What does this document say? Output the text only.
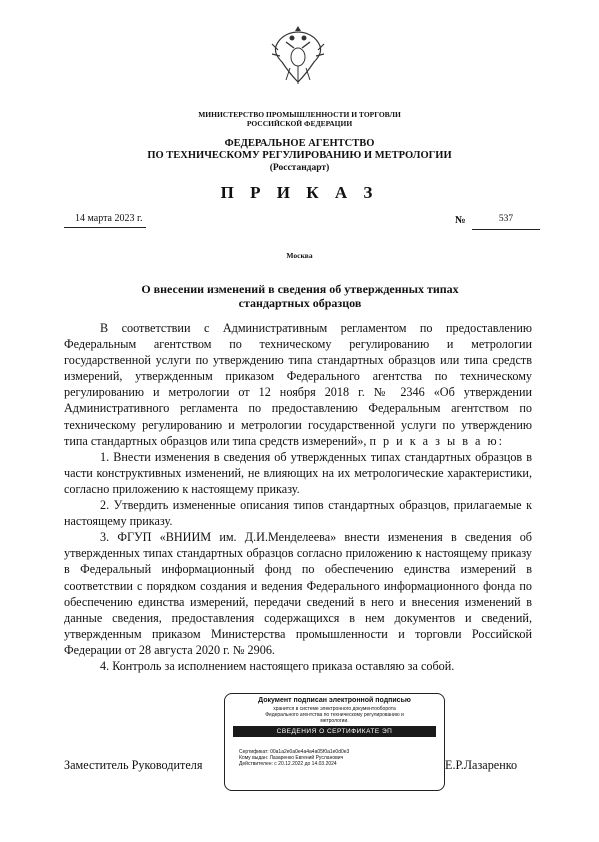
МИНИСТЕРСТВО ПРОМЫШЛЕННОСТИ И ТОРГОВЛИ
РОССИЙСКОЙ ФЕДЕРАЦИИ
ФЕДЕРАЛЬНОЕ АГЕНТСТВО
ПО ТЕХНИЧЕСКОМУ РЕГУЛИРОВАНИЮ И МЕТРОЛОГИИ
(Росстандарт)
П Р И К А З
14 марта 2023 г.	№	537
Москва
О внесении изменений в сведения об утвержденных типах
стандартных образцов

В соответствии с Административным регламентом по предоставлению Федеральным агентством по техническому регулированию и метрологии государственной услуги по утверждению типа стандартных образцов или типа средств измерений, утвержденным приказом Федерального агентства по техническому регулированию и метрологии от 12 ноября 2018 г. № 2346 «Об утверждении Административного регламента по предоставлению Федеральным агентством по техническому регулированию и метрологии государственной услуги по утверждению типа стандартных образцов или типа средств измерений», п р и к а з ы в а ю:

1. Внести изменения в сведения об утвержденных типах стандартных образцов в части конструктивных изменений, не влияющих на их метрологические характеристики, согласно приложению к настоящему приказу.

2. Утвердить измененные описания типов стандартных образцов, прилагаемые к настоящему приказу.

3. ФГУП «ВНИИМ им. Д.И.Менделеева» внести изменения в сведения об утвержденных типах стандартных образцов согласно приложению к настоящему приказу в Федеральный информационный фонд по обеспечению единства измерений в соответствии с порядком создания и ведения Федерального информационного фонда по обеспечению единства измерений, передачи сведений в него и внесения изменений в данные сведения, предоставления содержащихся в нем документов и сведений, утвержденным приказом Министерства промышленности и торговли Российской Федерации от 28 августа 2020 г. № 2906.

4. Контроль за исполнением настоящего приказа оставляю за собой.

Заместитель Руководителя	Е.Р.Лазаренко
Документ подписан электронной подписью
хранится в системе электронного документооборота
Федерального агентства по техническому регулированию и
метрологии.
СВЕДЕНИЯ О СЕРТИФИКАТЕ ЭП
Сертификат: 00a1a2e0a0e4a4a4a05f0a1e0d0e3
Кому выдан: Лазаренко Евгений Русланович
Действителен: с 20.12.2022 до 14.03.2024
